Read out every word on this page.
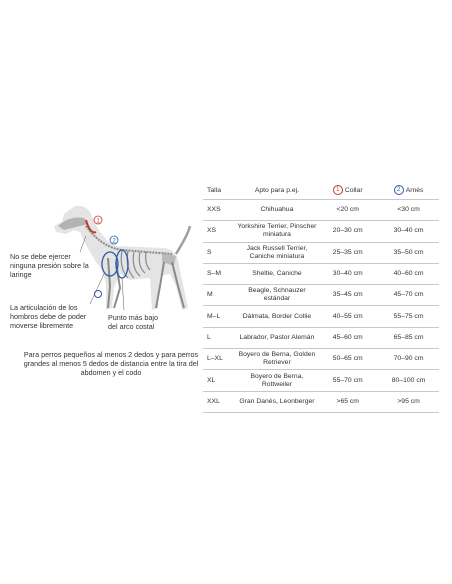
1
2
No se debe ejercer ninguna presión sobre la laringe
La articulación de los hombros debe de poder moverse libremente
Punto más bajo del arco costal
Para perros pequeños al menos 2 dedos y para perros grandes al menos 5 dedos de distancia entre la tira del abdomen y el codo
Talla	Apto para p.ej.	1 Collar	2 Arnés
XXS	Chihuahua	<20 cm	<30 cm
XS	Yorkshire Terrier, Pinscher miniatura	20–30 cm	30–40 cm
S	Jack Russell Terrier, Caniche miniatura	25–35 cm	35–50 cm
S–M	Sheltie, Caniche	30–40 cm	40–60 cm
M	Beagle, Schnauzer estándar	35–45 cm	45–70 cm
M–L	Dálmata, Border Collie	40–55 cm	55–75 cm
L	Labrador, Pastor Alemán	45–60 cm	65–85 cm
L–XL	Boyero de Berna, Golden Retriever	50–65 cm	70–90 cm
XL	Boyero de Berna, Rottweiler	55–70 cm	80–100 cm
XXL	Gran Danés, Leonberger	>65 cm	>95 cm
